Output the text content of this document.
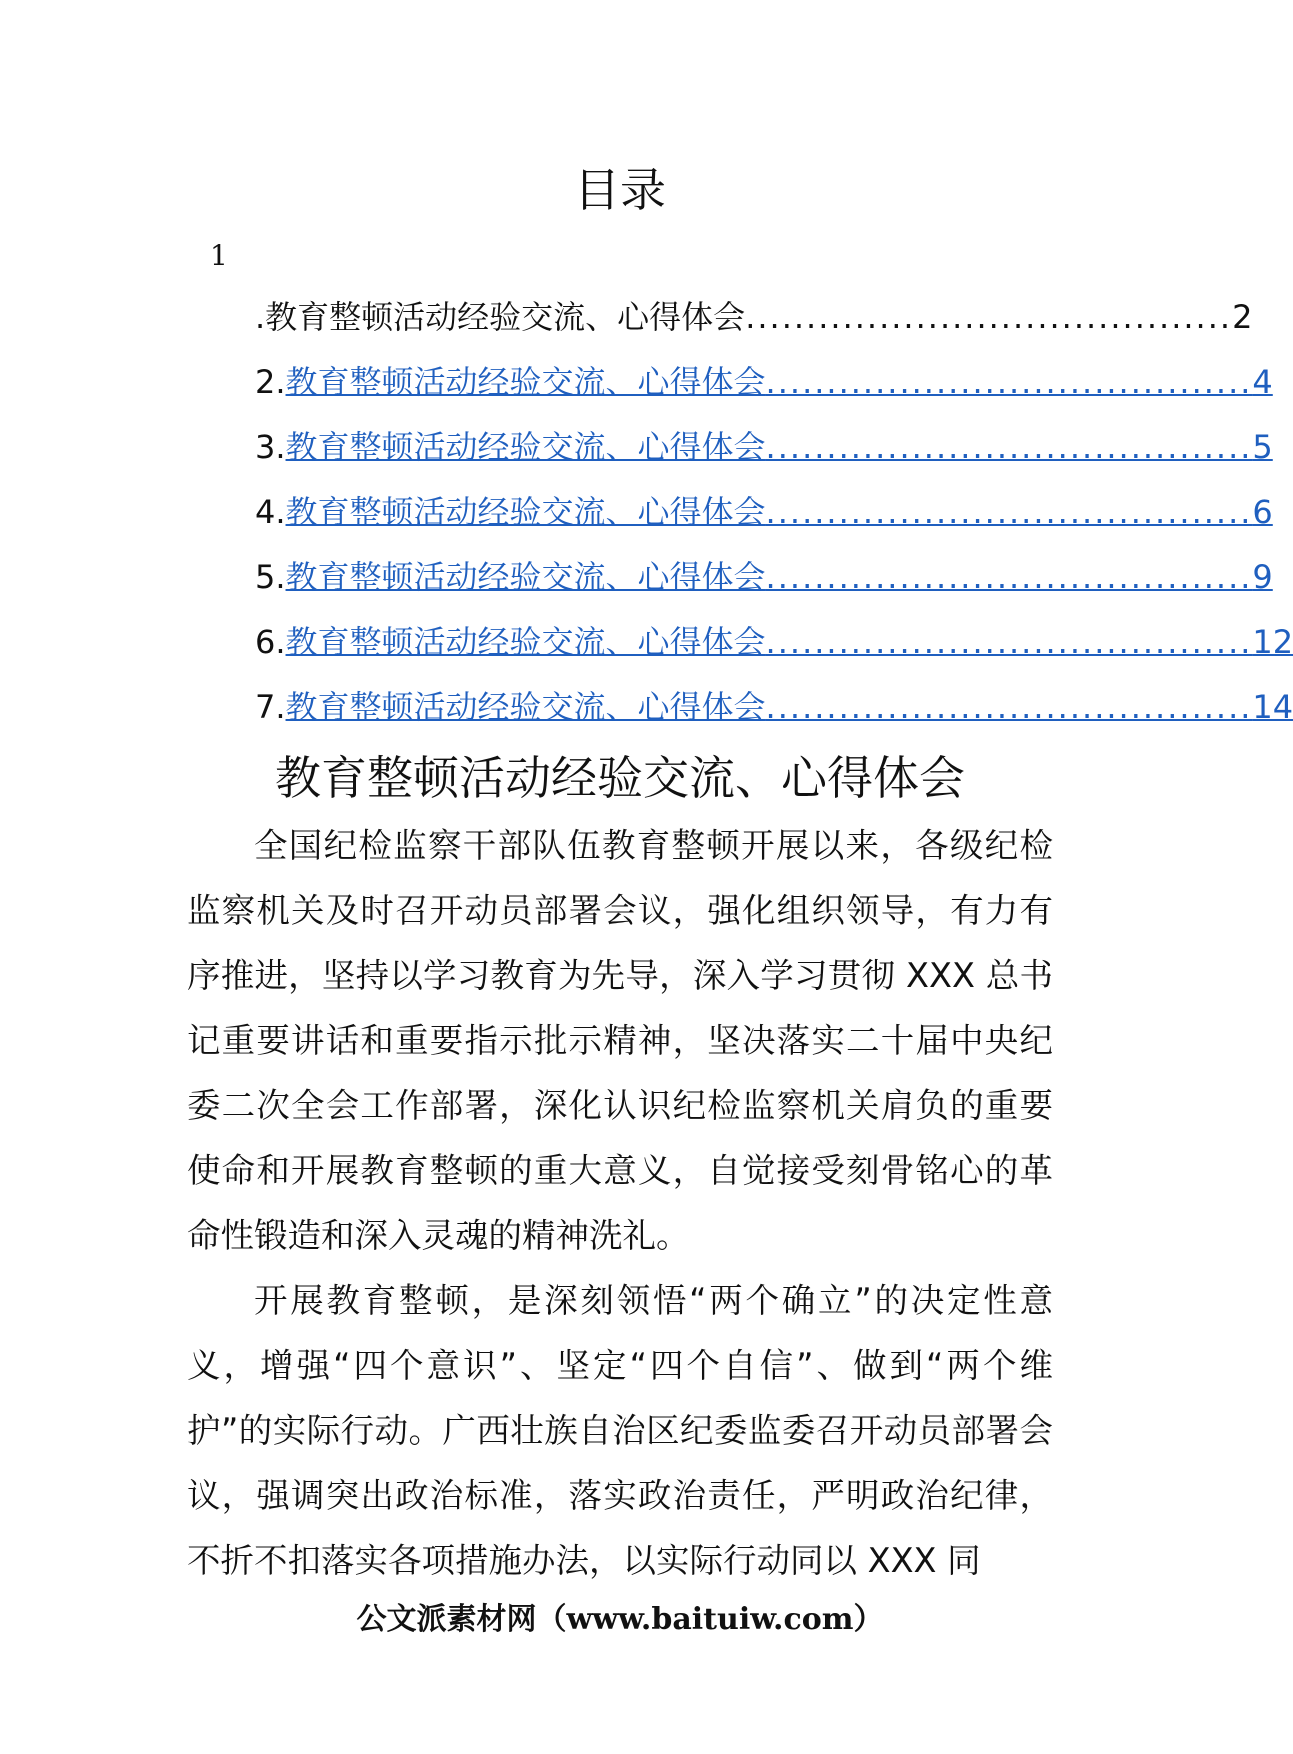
目录
1
. 教育整顿活动经验交流、心得体会 ........................................ 2
2. 教育整顿活动经验交流、心得体会 ........................................ 4
3. 教育整顿活动经验交流、心得体会 ........................................ 5
4. 教育整顿活动经验交流、心得体会 ........................................ 6
5. 教育整顿活动经验交流、心得体会 ........................................ 9
6. 教育整顿活动经验交流、心得体会 ........................................ 12
7. 教育整顿活动经验交流、心得体会 ........................................ 14
教育整顿活动经验交流、心得体会

全国纪检监察干部队伍教育整顿开展以来，各级纪检监察机关及时召开动员部署会议，强化组织领导，有力有序推进，坚持以学习教育为先导，深入学习贯彻 XXX 总书记重要讲话和重要指示批示精神，坚决落实二十届中央纪委二次全会工作部署，深化认识纪检监察机关肩负的重要使命和开展教育整顿的重大意义，自觉接受刻骨铭心的革命性锻造和深入灵魂的精神洗礼。

开展教育整顿，是深刻领悟“两个确立”的决定性意义，增强“四个意识”、坚定“四个自信”、做到“两个维护”的实际行动。广西壮族自治区纪委监委召开动员部署会议，强调突出政治标准，落实政治责任，严明政治纪律，不折不扣落实各项措施办法，以实际行动同以 XXX 同

公文派素材网（www.baituiw.com）
